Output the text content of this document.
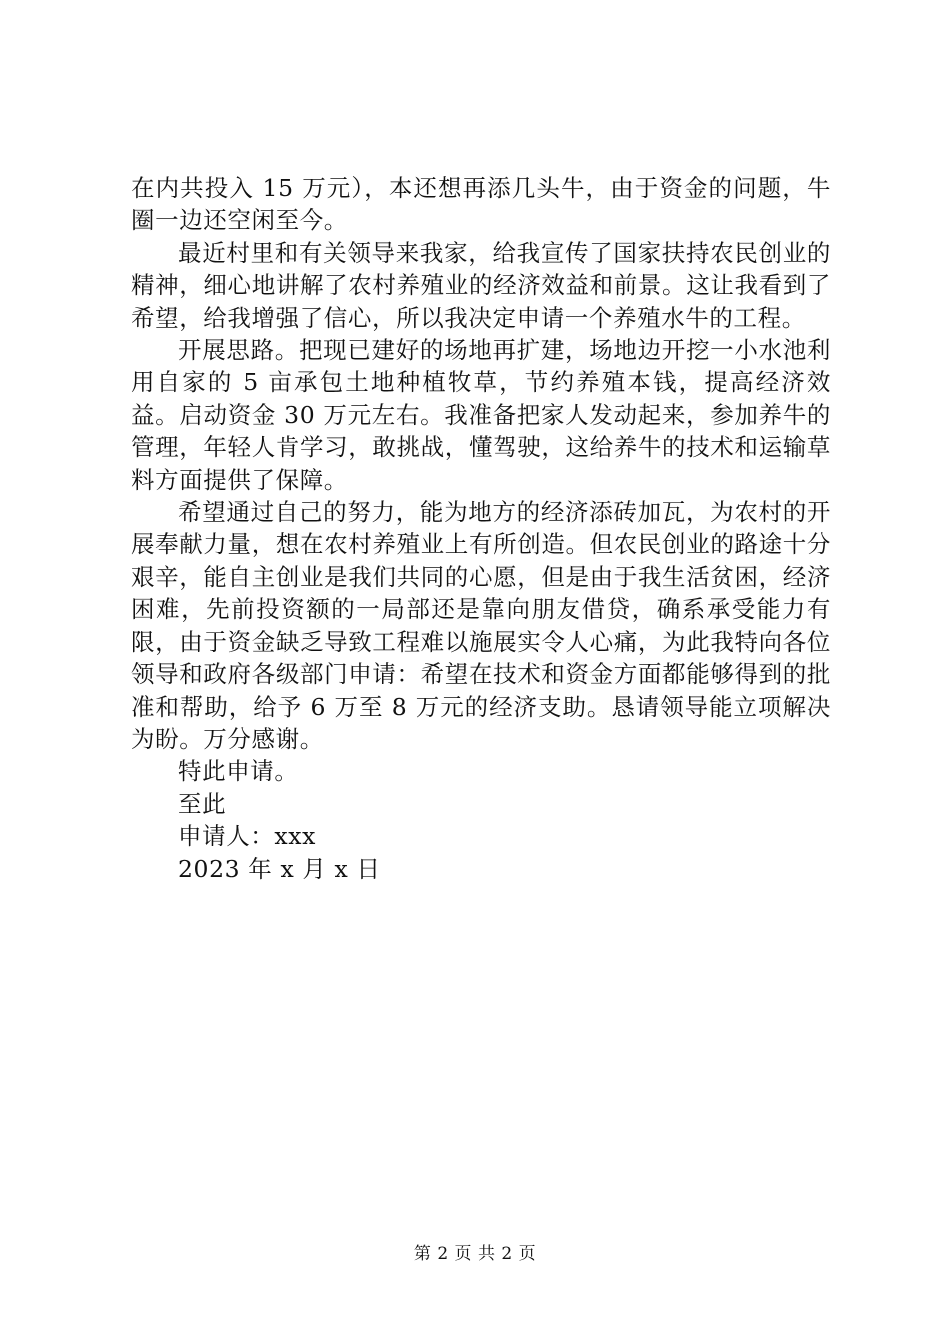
在内共投入 15 万元），本还想再添几头牛，由于资金的问题，牛圈一边还空闲至今。

最近村里和有关领导来我家，给我宣传了国家扶持农民创业的精神，细心地讲解了农村养殖业的经济效益和前景。这让我看到了希望，给我增强了信心，所以我决定申请一个养殖水牛的工程。

开展思路。把现已建好的场地再扩建，场地边开挖一小水池利用自家的 5 亩承包土地种植牧草，节约养殖本钱，提高经济效益。启动资金 30 万元左右。我准备把家人发动起来，参加养牛的管理，年轻人肯学习，敢挑战，懂驾驶，这给养牛的技术和运输草料方面提供了保障。

希望通过自己的努力，能为地方的经济添砖加瓦，为农村的开展奉献力量，想在农村养殖业上有所创造。但农民创业的路途十分艰辛，能自主创业是我们共同的心愿，但是由于我生活贫困，经济困难，先前投资额的一局部还是靠向朋友借贷，确系承受能力有限，由于资金缺乏导致工程难以施展实令人心痛，为此我特向各位领导和政府各级部门申请：希望在技术和资金方面都能够得到的批准和帮助，给予 6 万至 8 万元的经济支助。恳请领导能立项解决为盼。万分感谢。

特此申请。

至此

申请人：xxx

2023 年 x 月 x 日

第 2 页 共 2 页
